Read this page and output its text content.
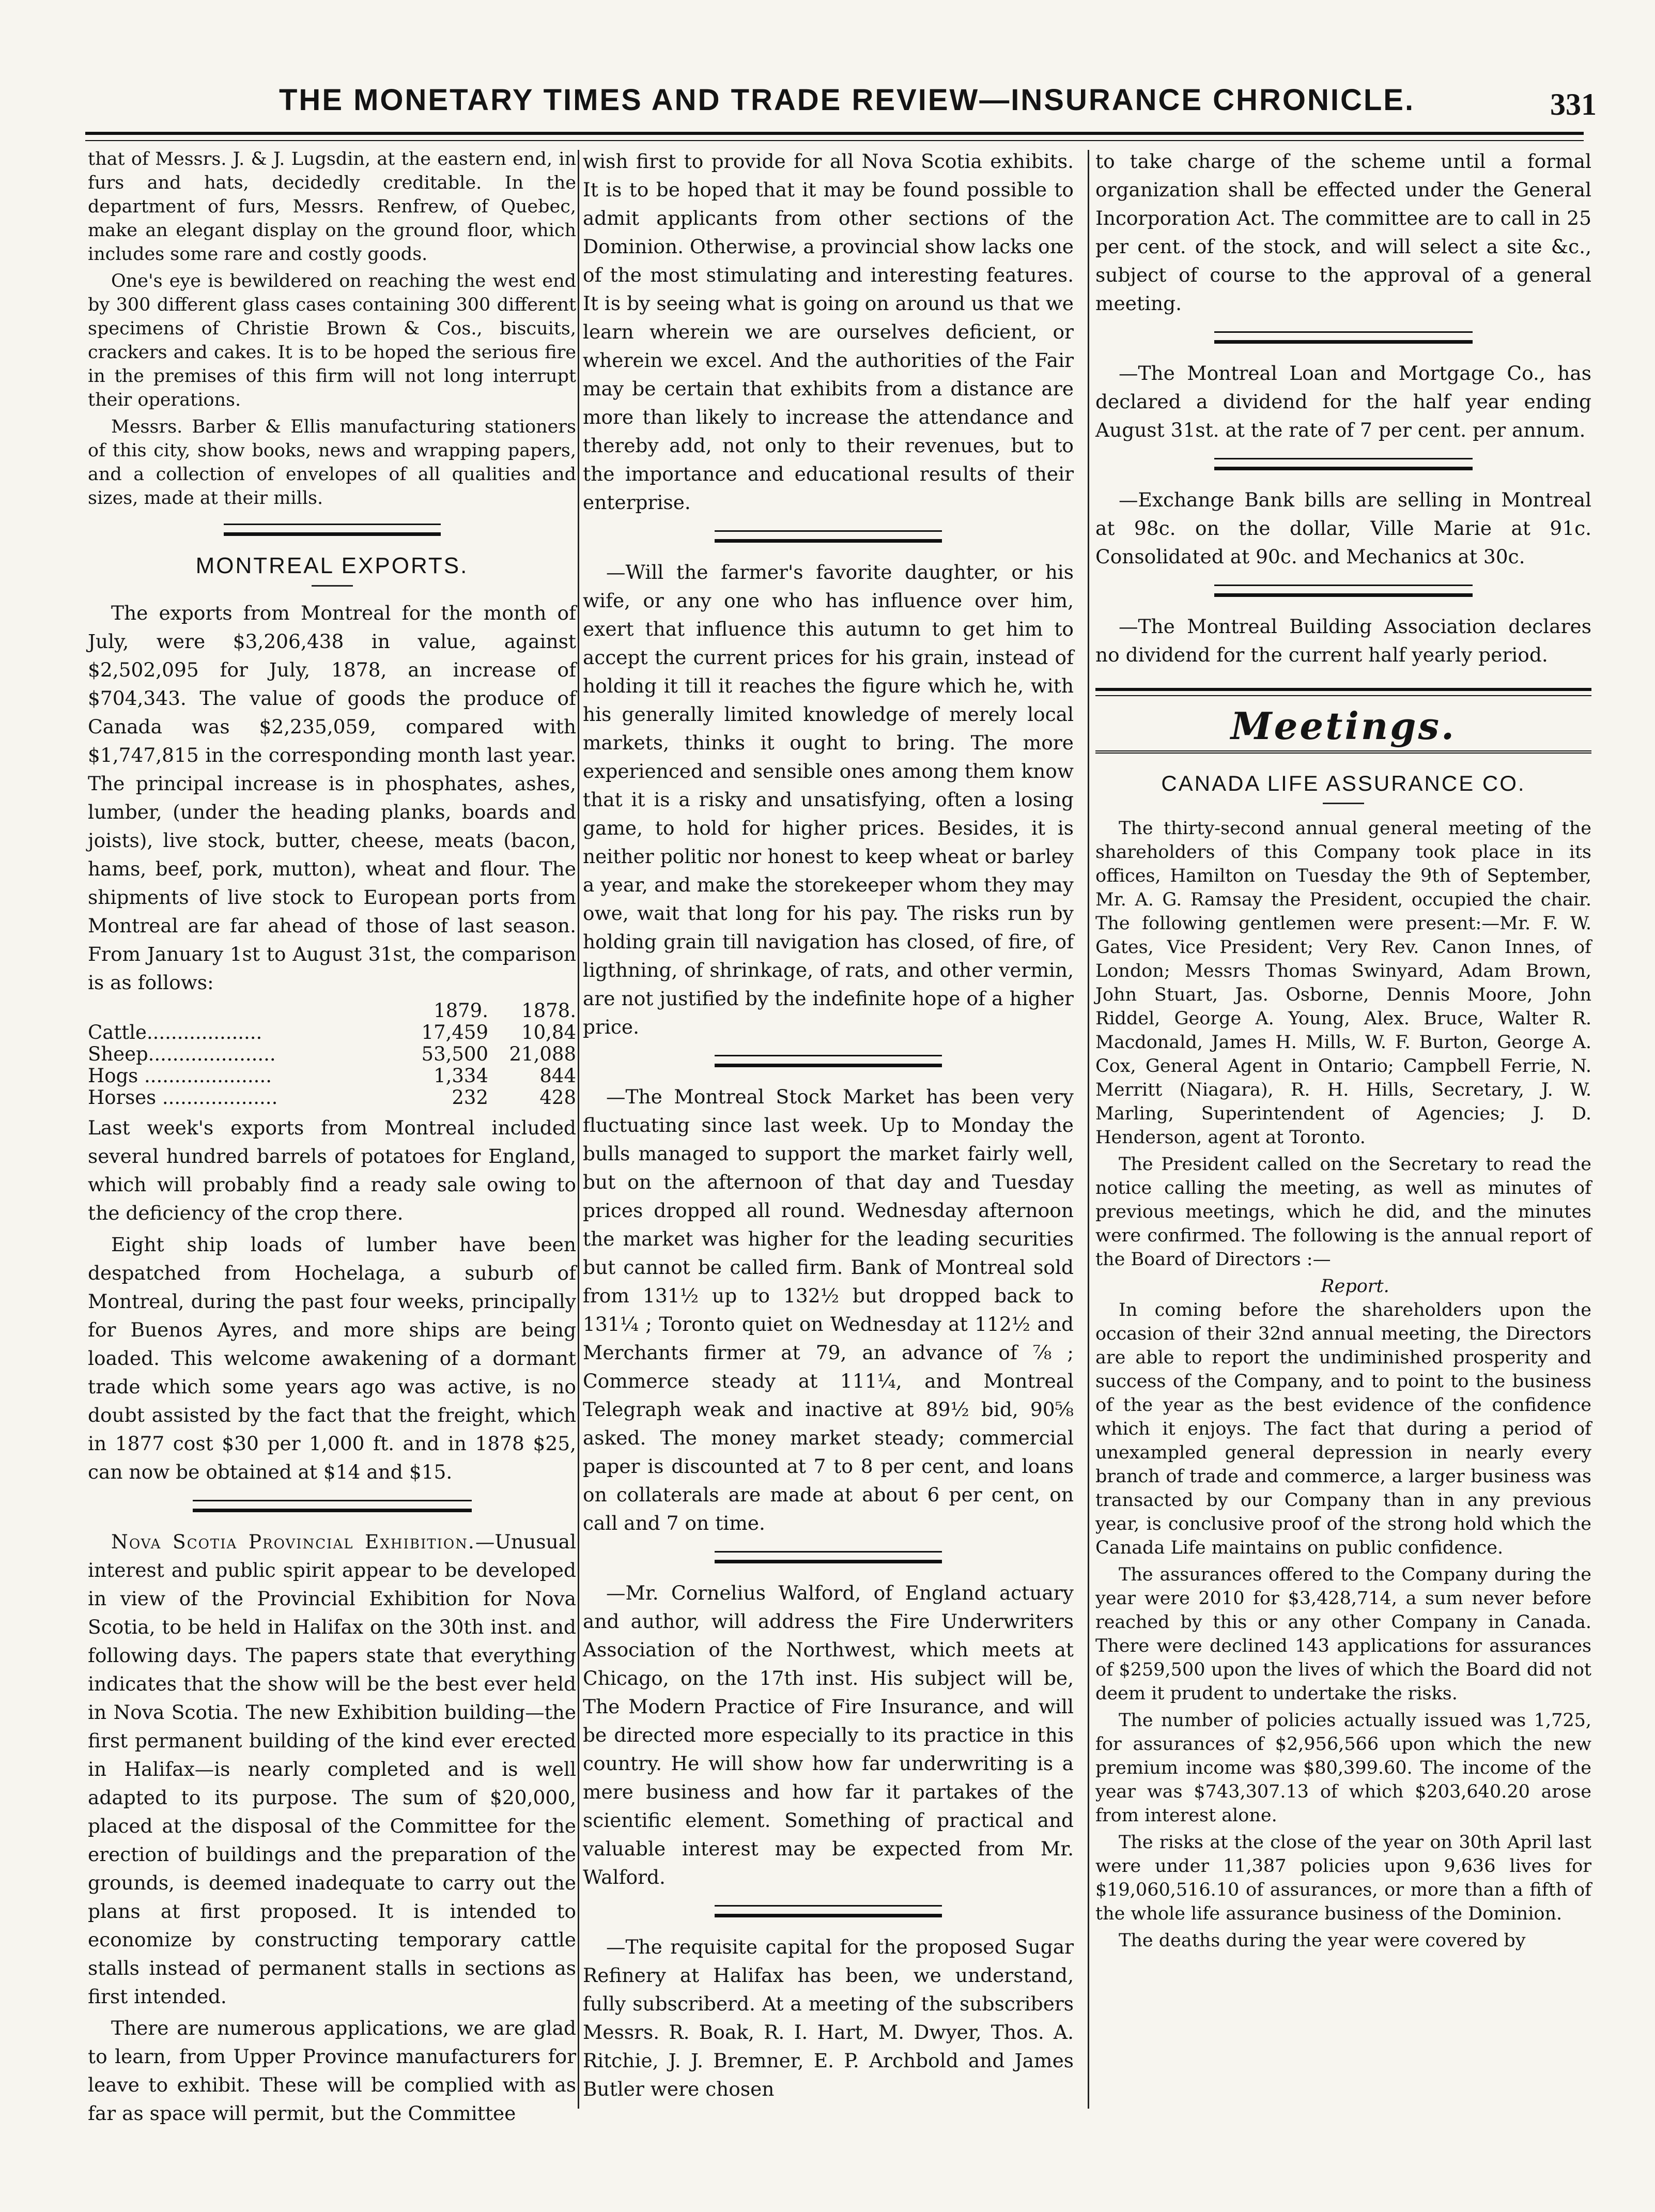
THE MONETARY TIMES AND TRADE REVIEW—INSURANCE CHRONICLE.	331

that of Messrs. J. & J. Lugsdin, at the eastern end, in furs and hats, decidedly creditable. In the department of furs, Messrs. Renfrew, of Quebec, make an elegant display on the ground floor, which includes some rare and costly goods.

One's eye is bewildered on reaching the west end by 300 different glass cases containing 300 different specimens of Christie Brown & Cos., biscuits, crackers and cakes. It is to be hoped the serious fire in the premises of this firm will not long interrupt their operations.

Messrs. Barber & Ellis manufacturing stationers of this city, show books, news and wrapping papers, and a collection of envelopes of all qualities and sizes, made at their mills.

MONTREAL EXPORTS.

The exports from Montreal for the month of July, were $3,206,438 in value, against $2,502,095 for July, 1878, an increase of $704,343. The value of goods the produce of Canada was $2,235,059, compared with $1,747,815 in the corresponding month last year. The principal increase is in phosphates, ashes, lumber, (under the heading planks, boards and joists), live stock, butter, cheese, meats (bacon, hams, beef, pork, mutton), wheat and flour. The shipments of live stock to European ports from Montreal are far ahead of those of last season. From January 1st to August 31st, the comparison is as follows:

	1879.	1878.
Cattle...................	17,459	10,84
Sheep.....................	53,500	21,088
Hogs .....................	1,334	844
Horses ...................	232	428

Last week's exports from Montreal included several hundred barrels of potatoes for England, which will probably find a ready sale owing to the deficiency of the crop there.

Eight ship loads of lumber have been despatched from Hochelaga, a suburb of Montreal, during the past four weeks, principally for Buenos Ayres, and more ships are being loaded. This welcome awakening of a dormant trade which some years ago was active, is no doubt assisted by the fact that the freight, which in 1877 cost $30 per 1,000 ft. and in 1878 $25, can now be obtained at $14 and $15.

Nova Scotia Provincial Exhibition.—Unusual interest and public spirit appear to be developed in view of the Provincial Exhibition for Nova Scotia, to be held in Halifax on the 30th inst. and following days. The papers state that everything indicates that the show will be the best ever held in Nova Scotia. The new Exhibition building—the first permanent building of the kind ever erected in Halifax—is nearly completed and is well adapted to its purpose. The sum of $20,000, placed at the disposal of the Committee for the erection of buildings and the preparation of the grounds, is deemed inadequate to carry out the plans at first proposed. It is intended to economize by constructing temporary cattle stalls instead of permanent stalls in sections as first intended.

There are numerous applications, we are glad to learn, from Upper Province manufacturers for leave to exhibit. These will be complied with as far as space will permit, but the Committee

wish first to provide for all Nova Scotia exhibits. It is to be hoped that it may be found possible to admit applicants from other sections of the Dominion. Otherwise, a provincial show lacks one of the most stimulating and interesting features. It is by seeing what is going on around us that we learn wherein we are ourselves deficient, or wherein we excel. And the authorities of the Fair may be certain that exhibits from a distance are more than likely to increase the attendance and thereby add, not only to their revenues, but to the importance and educational results of their enterprise.

—Will the farmer's favorite daughter, or his wife, or any one who has influence over him, exert that influence this autumn to get him to accept the current prices for his grain, instead of holding it till it reaches the figure which he, with his generally limited knowledge of merely local markets, thinks it ought to bring. The more experienced and sensible ones among them know that it is a risky and unsatisfying, often a losing game, to hold for higher prices. Besides, it is neither politic nor honest to keep wheat or barley a year, and make the storekeeper whom they may owe, wait that long for his pay. The risks run by holding grain till navigation has closed, of fire, of ligthning, of shrinkage, of rats, and other vermin, are not justified by the indefinite hope of a higher price.

—The Montreal Stock Market has been very fluctuating since last week. Up to Monday the bulls managed to support the market fairly well, but on the afternoon of that day and Tuesday prices dropped all round. Wednesday afternoon the market was higher for the leading securities but cannot be called firm. Bank of Montreal sold from 131½ up to 132½ but dropped back to 131¼ ; Toronto quiet on Wednesday at 112½ and Merchants firmer at 79, an advance of ⅞ ; Commerce steady at 111¼, and Montreal Telegraph weak and inactive at 89½ bid, 90⅝ asked. The money market steady; commercial paper is discounted at 7 to 8 per cent, and loans on collaterals are made at about 6 per cent, on call and 7 on time.

—Mr. Cornelius Walford, of England actuary and author, will address the Fire Underwriters Association of the Northwest, which meets at Chicago, on the 17th inst. His subject will be, The Modern Practice of Fire Insurance, and will be directed more especially to its practice in this country. He will show how far underwriting is a mere business and how far it partakes of the scientific element. Something of practical and valuable interest may be expected from Mr. Walford.

—The requisite capital for the proposed Sugar Refinery at Halifax has been, we understand, fully subscriberd. At a meeting of the subscribers Messrs. R. Boak, R. I. Hart, M. Dwyer, Thos. A. Ritchie, J. J. Bremner, E. P. Archbold and James Butler were chosen

to take charge of the scheme until a formal organization shall be effected under the General Incorporation Act. The committee are to call in 25 per cent. of the stock, and will select a site &c., subject of course to the approval of a general meeting.

—The Montreal Loan and Mortgage Co., has declared a dividend for the half year ending August 31st. at the rate of 7 per cent. per annum.

—Exchange Bank bills are selling in Montreal at 98c. on the dollar, Ville Marie at 91c. Consolidated at 90c. and Mechanics at 30c.

—The Montreal Building Association declares no dividend for the current half yearly period.

Meetings.
CANADA LIFE ASSURANCE CO.

The thirty-second annual general meeting of the shareholders of this Company took place in its offices, Hamilton on Tuesday the 9th of September, Mr. A. G. Ramsay the President, occupied the chair. The following gentlemen were present:—Mr. F. W. Gates, Vice President; Very Rev. Canon Innes, of London; Messrs Thomas Swinyard, Adam Brown, John Stuart, Jas. Osborne, Dennis Moore, John Riddel, George A. Young, Alex. Bruce, Walter R. Macdonald, James H. Mills, W. F. Burton, George A. Cox, General Agent in Ontario; Campbell Ferrie, N. Merritt (Niagara), R. H. Hills, Secretary, J. W. Marling, Superintendent of Agencies; J. D. Henderson, agent at Toronto.

The President called on the Secretary to read the notice calling the meeting, as well as minutes of previous meetings, which he did, and the minutes were confirmed. The following is the annual report of the Board of Directors :—

Report.

In coming before the shareholders upon the occasion of their 32nd annual meeting, the Directors are able to report the undiminished prosperity and success of the Company, and to point to the business of the year as the best evidence of the confidence which it enjoys. The fact that during a period of unexampled general depression in nearly every branch of trade and commerce, a larger business was transacted by our Company than in any previous year, is conclusive proof of the strong hold which the Canada Life maintains on public confidence.

The assurances offered to the Company during the year were 2010 for $3,428,714, a sum never before reached by this or any other Company in Canada. There were declined 143 applications for assurances of $259,500 upon the lives of which the Board did not deem it prudent to undertake the risks.

The number of policies actually issued was 1,725, for assurances of $2,956,566 upon which the new premium income was $80,399.60. The income of the year was $743,307.13 of which $203,640.20 arose from interest alone.

The risks at the close of the year on 30th April last were under 11,387 policies upon 9,636 lives for $19,060,516.10 of assurances, or more than a fifth of the whole life assurance business of the Dominion.

The deaths during the year were covered by
